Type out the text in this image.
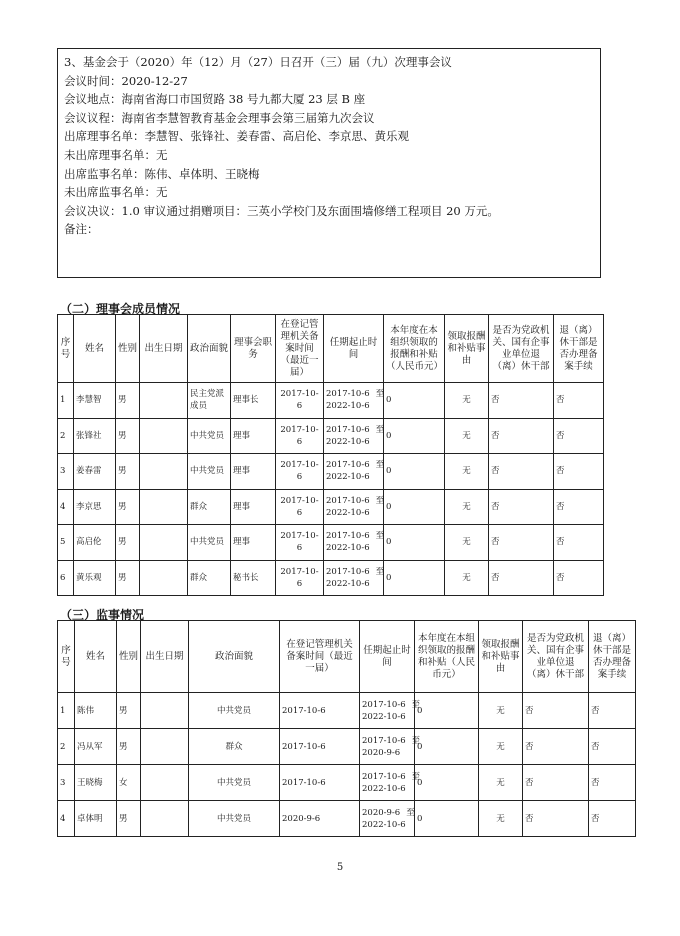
3、基金会于（2020）年（12）月（27）日召开（三）届（九）次理事会议
会议时间：2020-12-27
会议地点：海南省海口市国贸路 38 号九都大厦 23 层 B 座
会议议程：海南省李慧智教育基金会理事会第三届第九次会议
出席理事名单：李慧智、张锋社、姜春雷、高启伦、李京思、黄乐观
未出席理事名单：无
出席监事名单：陈伟、卓体明、王晓梅
未出席监事名单：无
会议决议：1.0 审议通过捐赠项目：三英小学校门及东面围墙修缮工程项目 20 万元。
备注：
（二）理事会成员情况
序号	姓名	性别	出生日期	政治面貌	理事会职务	在登记管理机关备案时间（最近一届）	任期起止时间	本年度在本组织领取的报酬和补贴（人民币元）	领取报酬和补贴事由	是否为党政机关、国有企事业单位退（离）休干部	退（离）休干部是否办理备案手续
1	李慧智	男		民主党派成员	理事长	2017-10-6	2017-10-6 至
2022-10-6	0	无	否	否
2	张锋社	男		中共党员	理事	2017-10-6	2017-10-6 至
2022-10-6	0	无	否	否
3	姜春雷	男		中共党员	理事	2017-10-6	2017-10-6 至
2022-10-6	0	无	否	否
4	李京思	男		群众	理事	2017-10-6	2017-10-6 至
2022-10-6	0	无	否	否
5	高启伦	男		中共党员	理事	2017-10-6	2017-10-6 至
2022-10-6	0	无	否	否
6	黄乐观	男		群众	秘书长	2017-10-6	2017-10-6 至
2022-10-6	0	无	否	否
（三）监事情况
序号	姓名	性别	出生日期	政治面貌	在登记管理机关备案时间（最近一届）	任期起止时间	本年度在本组织领取的报酬和补贴（人民币元）	领取报酬和补贴事由	是否为党政机关、国有企事业单位退（离）休干部	退（离）休干部是否办理备案手续
1	陈伟	男		中共党员	2017-10-6	2017-10-6 至
2022-10-6	0	无	否	否
2	冯从军	男		群众	2017-10-6	2017-10-6 至
2020-9-6	0	无	否	否
3	王晓梅	女		中共党员	2017-10-6	2017-10-6 至
2022-10-6	0	无	否	否
4	卓体明	男		中共党员	2020-9-6	2020-9-6 至
2022-10-6	0	无	否	否
5
